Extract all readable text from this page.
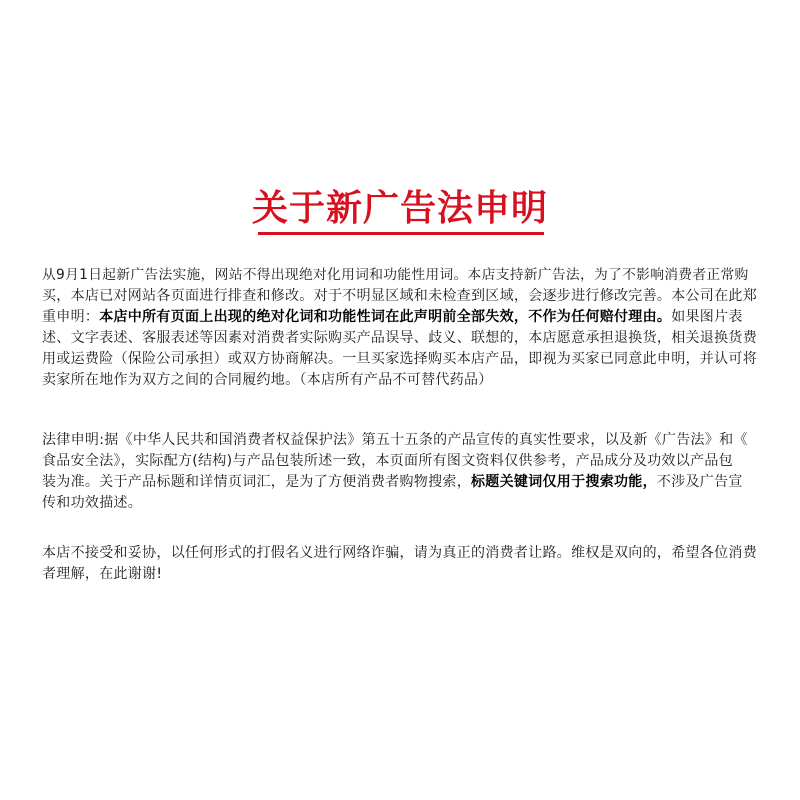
关于新广告法申明
从9月1日起新广告法实施，网站不得出现绝对化用词和功能性用词。本店支持新广告法，为了不影响消费者正常购
买，本店已对网站各页面进行排查和修改。对于不明显区域和未检查到区域，会逐步进行修改完善。本公司在此郑
重申明：本店中所有页面上出现的绝对化词和功能性词在此声明前全部失效，不作为任何赔付理由。如果图片表
述、文字表述、客服表述等因素对消费者实际购买产品误导、歧义、联想的，本店愿意承担退换货，相关退换货费
用或运费险（保险公司承担）或双方协商解决。一旦买家选择购买本店产品，即视为买家已同意此申明，并认可将
卖家所在地作为双方之间的合同履约地。（本店所有产品不可替代药品）
法律申明:据《中华人民共和国消费者权益保护法》第五十五条的产品宣传的真实性要求，以及新《广告法》和《
食品安全法》，实际配方(结构)与产品包装所述一致，本页面所有图文资料仅供参考，产品成分及功效以产品包
装为准。关于产品标题和详情页词汇，是为了方便消费者购物搜索，标题关键词仅用于搜索功能，不涉及广告宣
传和功效描述。
本店不接受和妥协，以任何形式的打假名义进行网络诈骗，请为真正的消费者让路。维权是双向的，希望各位消费
者理解，在此谢谢!
